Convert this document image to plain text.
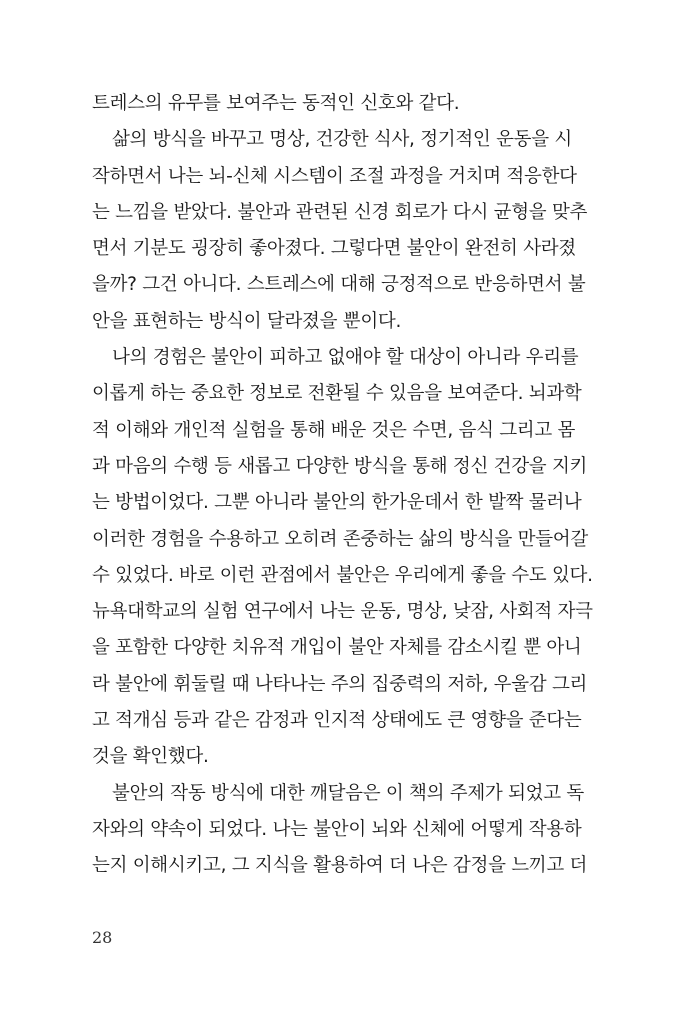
트레스의 유무를 보여주는 동적인 신호와 같다.
삶의 방식을 바꾸고 명상, 건강한 식사, 정기적인 운동을 시
작하면서 나는 뇌-신체 시스템이 조절 과정을 거치며 적응한다
는 느낌을 받았다. 불안과 관련된 신경 회로가 다시 균형을 맞추
면서 기분도 굉장히 좋아졌다. 그렇다면 불안이 완전히 사라졌
을까? 그건 아니다. 스트레스에 대해 긍정적으로 반응하면서 불
안을 표현하는 방식이 달라졌을 뿐이다.
나의 경험은 불안이 피하고 없애야 할 대상이 아니라 우리를
이롭게 하는 중요한 정보로 전환될 수 있음을 보여준다. 뇌과학
적 이해와 개인적 실험을 통해 배운 것은 수면, 음식 그리고 몸
과 마음의 수행 등 새롭고 다양한 방식을 통해 정신 건강을 지키
는 방법이었다. 그뿐 아니라 불안의 한가운데서 한 발짝 물러나
이러한 경험을 수용하고 오히려 존중하는 삶의 방식을 만들어갈
수 있었다. 바로 이런 관점에서 불안은 우리에게 좋을 수도 있다.
뉴욕대학교의 실험 연구에서 나는 운동, 명상, 낮잠, 사회적 자극
을 포함한 다양한 치유적 개입이 불안 자체를 감소시킬 뿐 아니
라 불안에 휘둘릴 때 나타나는 주의 집중력의 저하, 우울감 그리
고 적개심 등과 같은 감정과 인지적 상태에도 큰 영향을 준다는
것을 확인했다.
불안의 작동 방식에 대한 깨달음은 이 책의 주제가 되었고 독
자와의 약속이 되었다. 나는 불안이 뇌와 신체에 어떻게 작용하
는지 이해시키고, 그 지식을 활용하여 더 나은 감정을 느끼고 더
28
